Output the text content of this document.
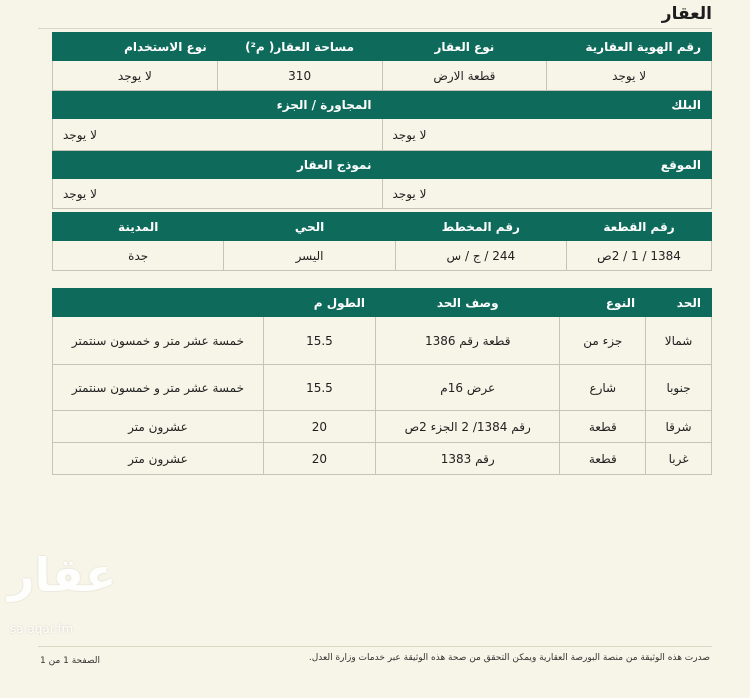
العقار
رقم الهوية العقارية	نوع العقار	مساحة العقار( م²)	نوع الاستخدام
لا يوجد	قطعة الارض	310	لا يوجد
البلك		المجاورة / الجزء	
لا يوجد		لا يوجد	
الموقع		نموذج العقار	
لا يوجد		لا يوجد	
رقم القطعة	رقم المخطط	الحي	المدينة
1384 / 1 / 2ص	244 / ج / س	اليسر	جدة
الحد	النوع	وصف الحد	الطول م	
شمالا	جزء من	قطعة رقم 1386	15.5	خمسة عشر متر و خمسون سنتمتر
جنوبا	شارع	عرض 16م	15.5	خمسة عشر متر و خمسون سنتمتر
شرقا	قطعة	رقم 1384/ 2 الجزء 2ص	20	عشرون متر
غربا	قطعة	رقم 1383	20	عشرون متر
عقار
sa.aqar.fm
صدرت هذه الوثيقة من منصة البورصة العقارية ويمكن التحقق من صحة هذه الوثيقة عبر خدمات وزارة العدل.
الصفحة 1 من 1
